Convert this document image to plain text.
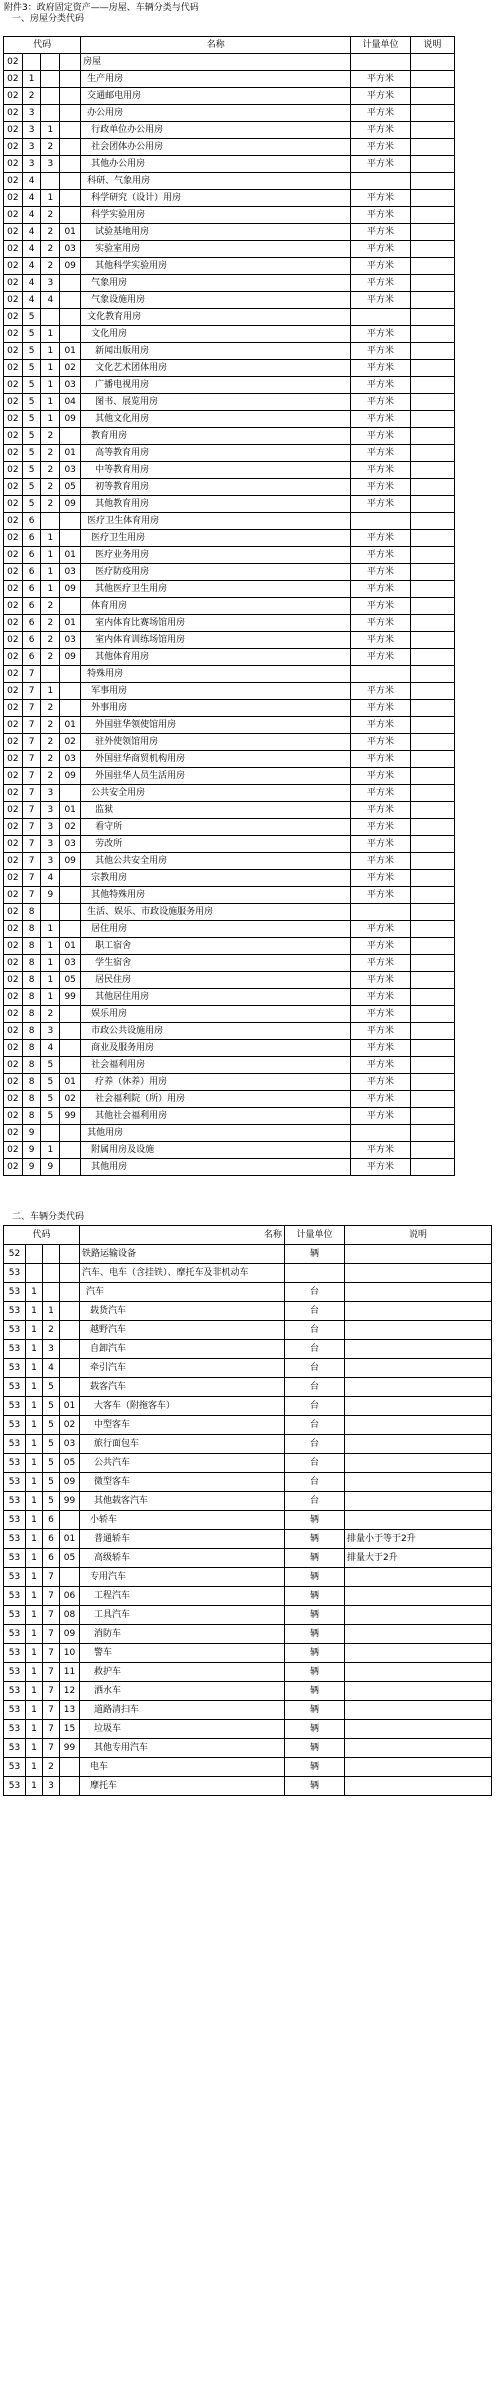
附件3：政府固定资产——房屋、车辆分类与代码
一、房屋分类代码
代码				名称	计量单位	说明
02				房屋		
02	1			生产用房	平方米	
02	2			交通邮电用房	平方米	
02	3			办公用房	平方米	
02	3	1		行政单位办公用房	平方米	
02	3	2		社会团体办公用房	平方米	
02	3	3		其他办公用房	平方米	
02	4			科研、气象用房		
02	4	1		科学研究（设计）用房	平方米	
02	4	2		科学实验用房	平方米	
02	4	2	01	试验基地用房	平方米	
02	4	2	03	实验室用房	平方米	
02	4	2	09	其他科学实验用房	平方米	
02	4	3		气象用房	平方米	
02	4	4		气象设施用房	平方米	
02	5			文化教育用房		
02	5	1		文化用房	平方米	
02	5	1	01	新闻出版用房	平方米	
02	5	1	02	文化艺术团体用房	平方米	
02	5	1	03	广播电视用房	平方米	
02	5	1	04	图书、展览用房	平方米	
02	5	1	09	其他文化用房	平方米	
02	5	2		教育用房	平方米	
02	5	2	01	高等教育用房	平方米	
02	5	2	03	中等教育用房	平方米	
02	5	2	05	初等教育用房	平方米	
02	5	2	09	其他教育用房	平方米	
02	6			医疗卫生体育用房		
02	6	1		医疗卫生用房	平方米	
02	6	1	01	医疗业务用房	平方米	
02	6	1	03	医疗防疫用房	平方米	
02	6	1	09	其他医疗卫生用房	平方米	
02	6	2		体育用房	平方米	
02	6	2	01	室内体育比赛场馆用房	平方米	
02	6	2	03	室内体育训练场馆用房	平方米	
02	6	2	09	其他体育用房	平方米	
02	7			特殊用房		
02	7	1		军事用房	平方米	
02	7	2		外事用房	平方米	
02	7	2	01	外国驻华领使馆用房	平方米	
02	7	2	02	驻外使领馆用房	平方米	
02	7	2	03	外国驻华商贸机构用房	平方米	
02	7	2	09	外国驻华人员生活用房	平方米	
02	7	3		公共安全用房	平方米	
02	7	3	01	监狱	平方米	
02	7	3	02	看守所	平方米	
02	7	3	03	劳改所	平方米	
02	7	3	09	其他公共安全用房	平方米	
02	7	4		宗教用房	平方米	
02	7	9		其他特殊用房	平方米	
02	8			生活、娱乐、市政设施服务用房		
02	8	1		居住用房	平方米	
02	8	1	01	职工宿舍	平方米	
02	8	1	03	学生宿舍	平方米	
02	8	1	05	居民住房	平方米	
02	8	1	99	其他居住用房	平方米	
02	8	2		娱乐用房	平方米	
02	8	3		市政公共设施用房	平方米	
02	8	4		商业及服务用房	平方米	
02	8	5		社会福利用房	平方米	
02	8	5	01	疗养（休养）用房	平方米	
02	8	5	02	社会福利院（所）用房	平方米	
02	8	5	99	其他社会福利用房	平方米	
02	9			其他用房		
02	9	1		附属用房及设施	平方米	
02	9	9		其他用房	平方米	
二、车辆分类代码
代码				名称	计量单位	说明
52				铁路运输设备	辆	
53				汽车、电车（含挂铁）、摩托车及非机动车		
53	1			汽车	台	
53	1	1		载货汽车	台	
53	1	2		越野汽车	台	
53	1	3		自卸汽车	台	
53	1	4		牵引汽车	台	
53	1	5		载客汽车	台	
53	1	5	01	大客车（附拖客车）	台	
53	1	5	02	中型客车	台	
53	1	5	03	旅行面包车	台	
53	1	5	05	公共汽车	台	
53	1	5	09	微型客车	台	
53	1	5	99	其他载客汽车	台	
53	1	6		小轿车	辆	
53	1	6	01	普通轿车	辆	排量小于等于2升
53	1	6	05	高级轿车	辆	排量大于2升
53	1	7		专用汽车	辆	
53	1	7	06	工程汽车	辆	
53	1	7	08	工具汽车	辆	
53	1	7	09	消防车	辆	
53	1	7	10	警车	辆	
53	1	7	11	救护车	辆	
53	1	7	12	洒水车	辆	
53	1	7	13	道路清扫车	辆	
53	1	7	15	垃圾车	辆	
53	1	7	99	其他专用汽车	辆	
53	1	2		电车	辆	
53	1	3		摩托车	辆	
